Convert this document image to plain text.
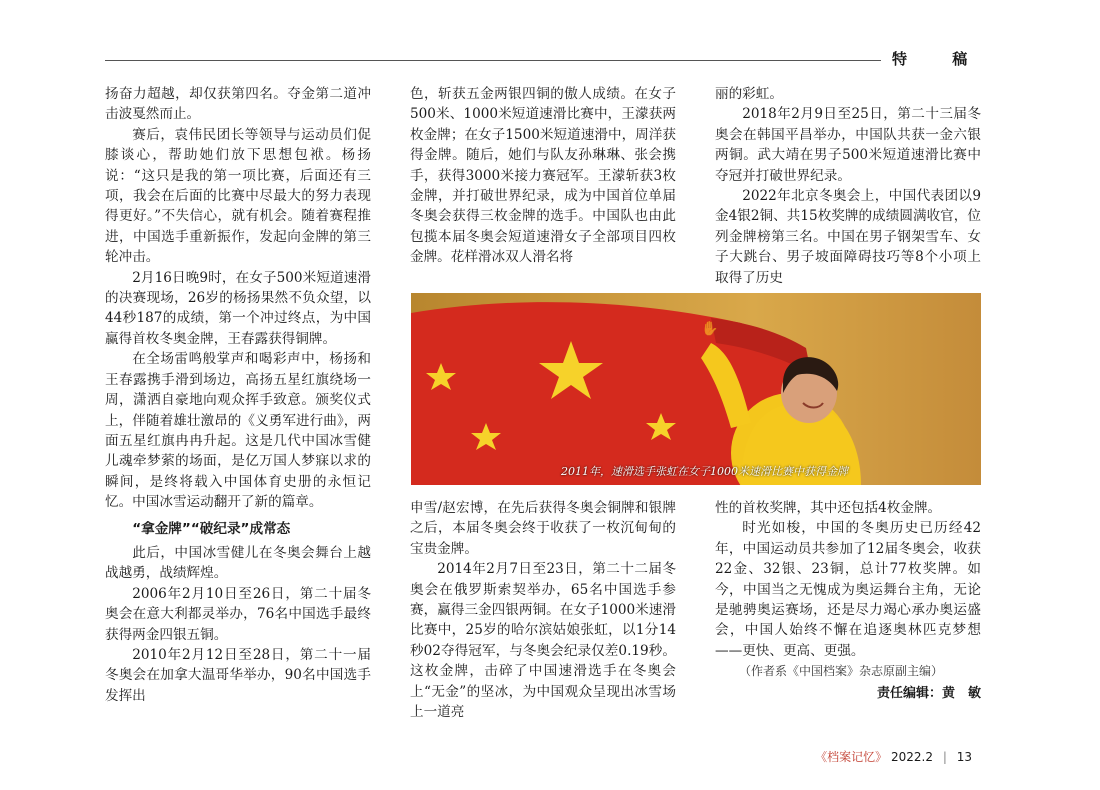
特 稿

扬奋力超越，却仅获第四名。夺金第二道冲击波戛然而止。

赛后，袁伟民团长等领导与运动员们促膝谈心，帮助她们放下思想包袱。杨扬说：“这只是我的第一项比赛，后面还有三项，我会在后面的比赛中尽最大的努力表现得更好。”不失信心，就有机会。随着赛程推进，中国选手重新振作，发起向金牌的第三轮冲击。

2月16日晚9时，在女子500米短道速滑的决赛现场，26岁的杨扬果然不负众望，以44秒187的成绩，第一个冲过终点，为中国赢得首枚冬奥金牌，王春露获得铜牌。

在全场雷鸣般掌声和喝彩声中，杨扬和王春露携手滑到场边，高扬五星红旗绕场一周，潇洒自豪地向观众挥手致意。颁奖仪式上，伴随着雄壮激昂的《义勇军进行曲》，两面五星红旗冉冉升起。这是几代中国冰雪健儿魂牵梦萦的场面，是亿万国人梦寐以求的瞬间，是终将载入中国体育史册的永恒记忆。中国冰雪运动翻开了新的篇章。

“拿金牌”“破纪录”成常态

此后，中国冰雪健儿在冬奥会舞台上越战越勇，战绩辉煌。

2006年2月10日至26日，第二十届冬奥会在意大利都灵举办，76名中国选手最终获得两金四银五铜。

2010年2月12日至28日，第二十一届冬奥会在加拿大温哥华举办，90名中国选手发挥出

色，斩获五金两银四铜的傲人成绩。在女子500米、1000米短道速滑比赛中，王濛获两枚金牌；在女子1500米短道速滑中，周洋获得金牌。随后，她们与队友孙琳琳、张会携手，获得3000米接力赛冠军。王濛斩获3枚金牌，并打破世界纪录，成为中国首位单届冬奥会获得三枚金牌的选手。中国队也由此包揽本届冬奥会短道速滑女子全部项目四枚金牌。花样滑冰双人滑名将

丽的彩虹。

2018年2月9日至25日，第二十三届冬奥会在韩国平昌举办，中国队共获一金六银两铜。武大靖在男子500米短道速滑比赛中夺冠并打破世界纪录。

2022年北京冬奥会上，中国代表团以9金4银2铜、共15枚奖牌的成绩圆满收官，位列金牌榜第三名。中国在男子钢架雪车、女子大跳台、男子坡面障碍技巧等8个小项上取得了历史

✋
2011年，速滑选手张虹在女子1000米速滑比赛中获得金牌

申雪/赵宏博，在先后获得冬奥会铜牌和银牌之后，本届冬奥会终于收获了一枚沉甸甸的宝贵金牌。

2014年2月7日至23日，第二十二届冬奥会在俄罗斯索契举办，65名中国选手参赛，赢得三金四银两铜。在女子1000米速滑比赛中，25岁的哈尔滨姑娘张虹，以1分14秒02夺得冠军，与冬奥会纪录仅差0.19秒。这枚金牌，击碎了中国速滑选手在冬奥会上“无金”的坚冰，为中国观众呈现出冰雪场上一道亮

性的首枚奖牌，其中还包括4枚金牌。

时光如梭，中国的冬奥历史已历经42年，中国运动员共参加了12届冬奥会，收获22金、32银、23铜，总计77枚奖牌。如今，中国当之无愧成为奥运舞台主角，无论是驰骋奥运赛场，还是尽力竭心承办奥运盛会，中国人始终不懈在追逐奥林匹克梦想——更快、更高、更强。

（作者系《中国档案》杂志原副主编）

责任编辑：黄　敏

《档案记忆》 2022.2 | 13
